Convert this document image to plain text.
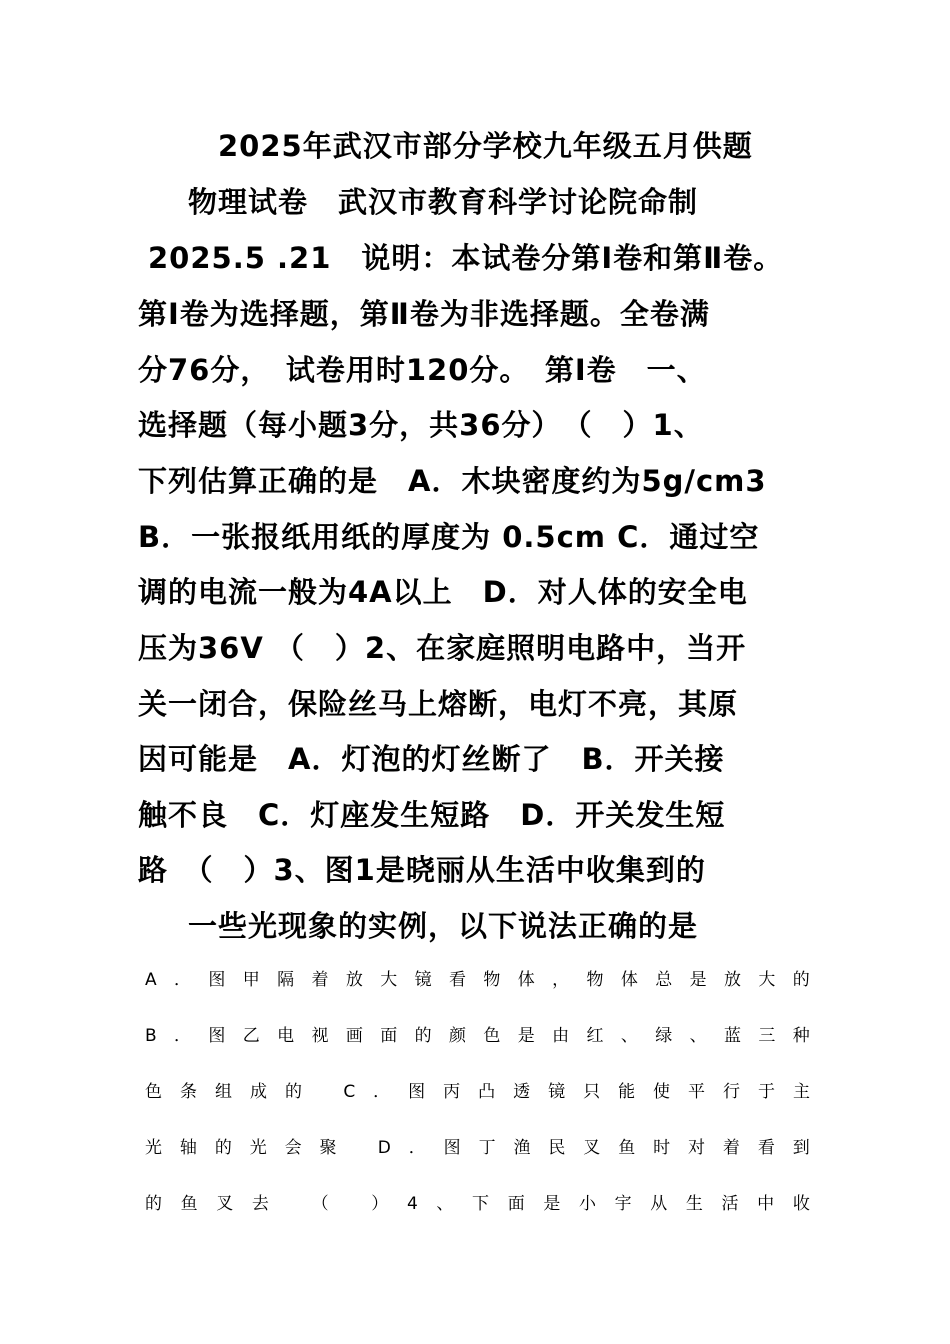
2025年武汉市部分学校九年级五月供题
物理试卷　武汉市教育科学讨论院命制
2025.5 .21　说明：本试卷分第Ⅰ卷和第Ⅱ卷。
第Ⅰ卷为选择题，第Ⅱ卷为非选择题。全卷满
分76分，　试卷用时120分。　第Ⅰ卷　一、
选择题（每小题3分，共36分）　（　）1、
下列估算正确的是　A．木块密度约为5g/cm3
B．一张报纸用纸的厚度为 0.5cm C．通过空
调的电流一般为4A以上　D．对人体的安全电
压为36V （　）2、在家庭照明电路中，当开
关一闭合，保险丝马上熔断，电灯不亮，其原
因可能是　A．灯泡的灯丝断了　B．开关接
触不良　C．灯座发生短路　D．开关发生短
路　（　）3、图1是晓丽从生活中收集到的
一些光现象的实例，以下说法正确的是
A ． 图 甲 隔 着 放 大 镜 看 物 体 ， 物 体 总 是 放 大 的
B ． 图 乙 电 视 画 面 的 颜 色 是 由 红 、 绿 、 蓝 三 种
色 条 组 成 的
C ． 图 丙 凸 透 镜 只 能 使 平 行 于 主
光 轴 的 光 会 聚
D ． 图 丁 渔 民 叉 鱼 时 对 着 看 到
的 鱼 叉 去
	（
	） 4 、 下 面 是 小 宇 从 生 活 中 收
